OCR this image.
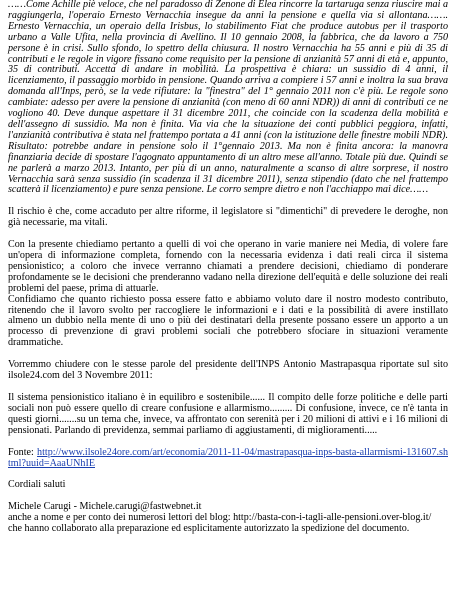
……Come Achille piè veloce, che nel paradosso di Zenone di Elea rincorre la tartaruga senza riuscire mai a raggiungerla, l'operaio Ernesto Vernacchia insegue da anni la pensione e quella via si allontana……. Ernesto Vernacchia, un operaio della Irisbus, lo stabilimento Fiat che produce autobus per il trasporto urbano a Valle Ufita, nella provincia di Avellino. Il 10 gennaio 2008, la fabbrica, che da lavoro a 750 persone è in crisi. Sullo sfondo, lo spettro della chiusura. Il nostro Vernacchia ha 55 anni e più di 35 di contributi e le regole in vigore fissano come requisito per la pensione di anzianità 57 anni di età e, appunto, 35 di contributi. Accetta di andare in mobilità. La prospettiva è chiara: un sussidio di 4 anni, il licenziamento, il passaggio morbido in pensione. Quando arriva a compiere i 57 anni e inoltra la sua brava domanda all'Inps, però, se la vede rifiutare: la "finestra" del 1° gennaio 2011 non c'è più. Le regole sono cambiate: adesso per avere la pensione di anzianità (con meno di 60 anni NDR)) di anni di contributi ce ne vogliono 40. Deve dunque aspettare il 31 dicembre 2011, che coincide con la scadenza della mobilità e dell'assegno di sussidio. Ma non è finita. Via via che la situazione dei conti pubblici peggiora, infatti, l'anzianità contributiva è stata nel frattempo portata a 41 anni (con la istituzione delle finestre mobili NDR). Risultato: potrebbe andare in pensione solo il 1°gennaio 2013. Ma non è finita ancora: la manovra finanziaria decide di spostare l'agognato appuntamento di un altro mese all'anno. Totale più due. Quindi se ne parlerà a marzo 2013. Intanto, per più di un anno, naturalmente a scanso di altre sorprese, il nostro Vernacchia sarà senza sussidio (in scadenza il 31 dicembre 2011), senza stipendio (dato che nel frattempo scatterà il licenziamento) e pure senza pensione. Le corro sempre dietro e non l'acchiappo mai dice……

Il rischio è che, come accaduto per altre riforme, il legislatore si "dimentichi" di prevedere le deroghe, non già necessarie, ma vitali.

Con la presente chiediamo pertanto a quelli di voi che operano in varie maniere nei Media, di volere fare un'opera di informazione completa, fornendo con la necessaria evidenza i dati reali circa il sistema pensionistico; a coloro che invece verranno chiamati a prendere decisioni, chiediamo di ponderare profondamente se le decisioni che prenderanno vadano nella direzione dell'equità e delle soluzione dei reali problemi del paese, prima di attuarle.

Confidiamo che quanto richiesto possa essere fatto e abbiamo voluto dare il nostro modesto contributo, ritenendo che il lavoro svolto per raccogliere le informazioni e i dati e la possibilità di avere instillato almeno un dubbio nella mente di uno o più dei destinatari della presente possano essere un apporto a un processo di prevenzione di gravi problemi sociali che potrebbero sfociare in situazioni veramente drammatiche.

Vorremmo chiudere con le stesse parole del presidente dell'INPS Antonio Mastrapasqua riportate sul sito ilsole24.com del 3 Novembre 2011:

Il sistema pensionistico italiano è in equilibro e sostenibile...... Il compito delle forze politiche e delle parti sociali non può essere quello di creare confusione e allarmismo......... Di confusione, invece, ce n'è tanta in questi giorni.......su un tema che, invece, va affrontato con serenità per i 20 milioni di attivi e i 16 milioni di pensionati. Parlando di previdenza, semmai parliamo di aggiustamenti, di miglioramenti.....

Fonte: http://www.ilsole24ore.com/art/economia/2011-11-04/mastrapasqua-inps-basta-allarmismi-131607.shtml?uuid=AaaUNhIE

Cordiali saluti

Michele Carugi - Michele.carugi@fastwebnet.it

anche a nome e per conto dei numerosi lettori del blog: http://basta-con-i-tagli-alle-pensioni.over-blog.it/

che hanno collaborato alla preparazione ed esplicitamente autorizzato la spedizione del documento.
